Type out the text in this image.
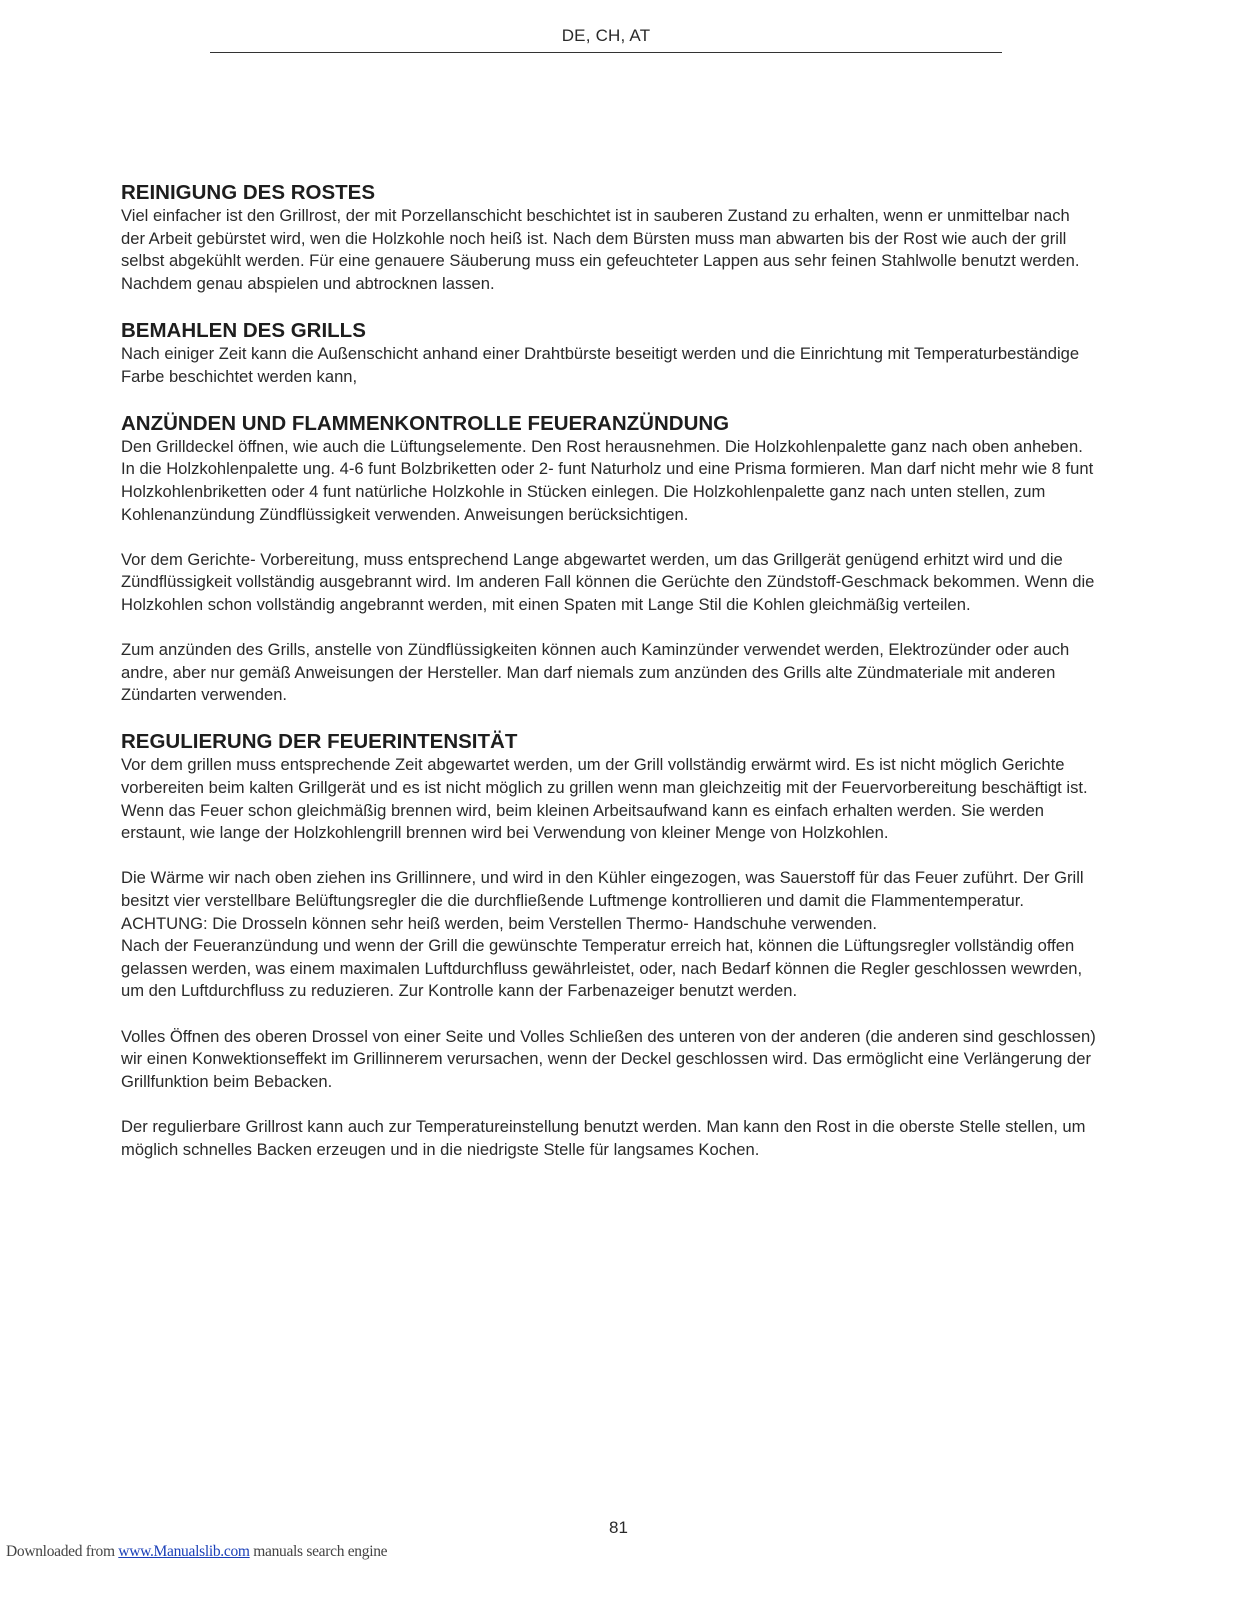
DE, CH, AT
REINIGUNG DES ROSTES

Viel einfacher ist den Grillrost, der mit Porzellanschicht beschichtet ist in sauberen Zustand zu erhalten, wenn er unmittelbar nach der Arbeit gebürstet wird, wen die Holzkohle noch heiß ist. Nach dem Bürsten muss man abwarten bis der Rost wie auch der grill selbst abgekühlt werden. Für eine genauere Säuberung muss ein gefeuchteter Lappen aus sehr feinen Stahlwolle benutzt werden. Nachdem genau abspielen und abtrocknen lassen.

BEMAHLEN DES GRILLS

Nach einiger Zeit kann die Außenschicht anhand einer Drahtbürste beseitigt werden und die Einrichtung mit Temperaturbeständige Farbe beschichtet werden kann,

ANZÜNDEN UND FLAMMENKONTROLLE FEUERANZÜNDUNG

Den Grilldeckel öffnen, wie auch die Lüftungselemente. Den Rost herausnehmen. Die Holzkohlenpalette ganz nach oben anheben. In die Holzkohlenpalette ung. 4-6 funt Bolzbriketten oder 2- funt Naturholz und eine Prisma formieren. Man darf nicht mehr wie 8 funt Holzkohlenbriketten oder 4 funt natürliche Holzkohle in Stücken einlegen. Die Holzkohlenpalette ganz nach unten stellen, zum Kohlenanzündung Zündflüssigkeit verwenden. Anweisungen berücksichtigen.

Vor dem Gerichte- Vorbereitung, muss entsprechend Lange abgewartet werden, um das Grillgerät genügend erhitzt wird und die Zündflüssigkeit vollständig ausgebrannt wird. Im anderen Fall können die Gerüchte den Zündstoff-Geschmack bekommen. Wenn die Holzkohlen schon vollständig angebrannt werden, mit einen Spaten mit Lange Stil die Kohlen gleichmäßig verteilen.

Zum anzünden des Grills, anstelle von Zündflüssigkeiten können auch Kaminzünder verwendet werden, Elektrozünder oder auch andre, aber nur gemäß Anweisungen der Hersteller. Man darf niemals zum anzünden des Grills alte Zündmateriale mit anderen Zündarten verwenden.

REGULIERUNG DER FEUERINTENSITÄT

Vor dem grillen muss entsprechende Zeit abgewartet werden, um der Grill vollständig erwärmt wird. Es ist nicht möglich Gerichte vorbereiten beim kalten Grillgerät und es ist nicht möglich zu grillen wenn man gleichzeitig mit der Feuervorbereitung beschäftigt ist. Wenn das Feuer schon gleichmäßig brennen wird, beim kleinen Arbeitsaufwand kann es einfach erhalten werden. Sie werden erstaunt, wie lange der Holzkohlengrill brennen wird bei Verwendung von kleiner Menge von Holzkohlen.

Die Wärme wir nach oben ziehen ins Grillinnere, und wird in den Kühler eingezogen, was Sauerstoff für das Feuer zuführt. Der Grill besitzt vier verstellbare Belüftungsregler die die durchfließende Luftmenge kontrollieren und damit die Flammentemperatur. ACHTUNG: Die Drosseln können sehr heiß werden, beim Verstellen Thermo- Handschuhe verwenden.

Nach der Feueranzündung und wenn der Grill die gewünschte Temperatur erreich hat, können die Lüftungsregler vollständig offen gelassen werden, was einem maximalen Luftdurchfluss gewährleistet, oder, nach Bedarf können die Regler geschlossen wewrden, um den Luftdurchfluss zu reduzieren. Zur Kontrolle kann der Farbenazeiger benutzt werden.

Volles Öffnen des oberen Drossel von einer Seite und Volles Schließen des unteren von der anderen (die anderen sind geschlossen) wir einen Konwektionseffekt im Grillinnerem verursachen, wenn der Deckel geschlossen wird. Das ermöglicht eine Verlängerung der Grillfunktion beim Bebacken.

Der regulierbare Grillrost kann auch zur Temperatureinstellung benutzt werden. Man kann den Rost in die oberste Stelle stellen, um möglich schnelles Backen erzeugen und in die niedrigste Stelle für langsames Kochen.

81
Downloaded from www.Manualslib.com manuals search engine
